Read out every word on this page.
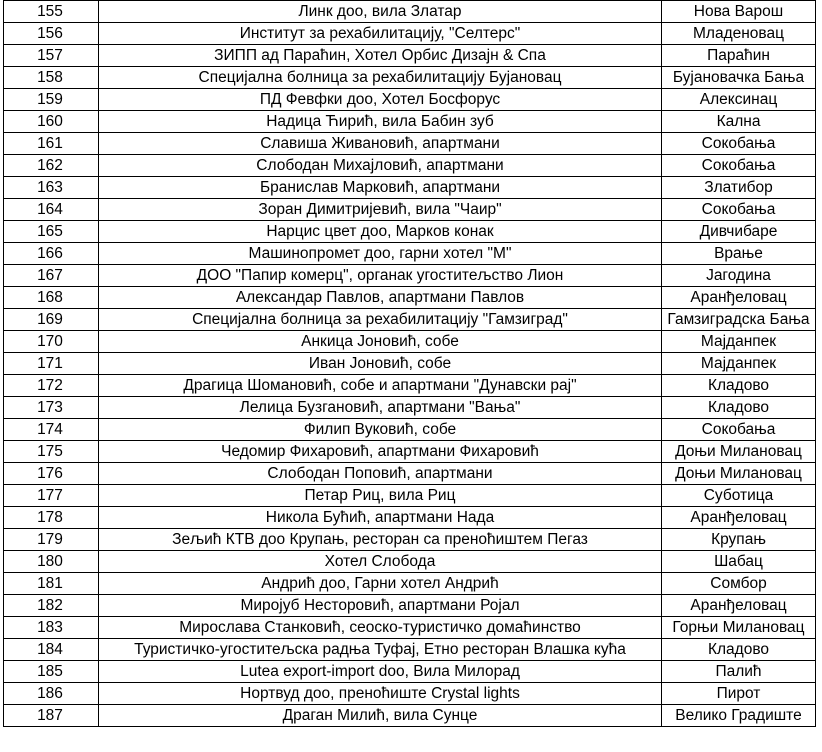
155	Линк доо, вила Златар	Нова Варош
156	Институт за рехабилитацију, "Селтерс"	Младеновац
157	ЗИПП ад Параћин, Хотел Орбис Дизајн & Спа	Параћин
158	Специјална болница за рехабилитацију Бујановац	Бујановачка Бања
159	ПД Февфки доо, Хотел Босфорус	Алексинац
160	Надица Ћирић, вила Бабин зуб	Кална
161	Славиша Живановић, апартмани	Сокобања
162	Слободан Михајловић, апартмани	Сокобања
163	Бранислав Марковић, апартмани	Златибор
164	Зоран Димитријевић, вила "Чаир"	Сокобања
165	Нарцис цвет доо, Марков конак	Дивчибаре
166	Машинопромет доо, гарни хотел "М"	Врање
167	ДОО "Папир комерц", органак угоститељство Лион	Јагодина
168	Александар Павлов, апартмани Павлов	Аранђеловац
169	Специјална болница за рехабилитацију "Гамзиград"	Гамзиградска Бања
170	Анкица Јоновић, собе	Мајданпек
171	Иван Јоновић, собе	Мајданпек
172	Драгица Шомановић, собе и апартмани "Дунавски рај"	Кладово
173	Лелица Бузгановић, апартмани "Вања"	Кладово
174	Филип Вуковић, собе	Сокобања
175	Чедомир Фихаровић, апартмани Фихаровић	Доњи Милановац
176	Слободан Поповић, апартмани	Доњи Милановац
177	Петар Риц, вила Риц	Суботица
178	Никола Бућић, апартмани Нада	Аранђеловац
179	Зељић КТВ доо Крупањ, ресторан са преноћиштем Пегаз	Крупањ
180	Хотел Слобода	Шабац
181	Андрић доо, Гарни хотел Андрић	Сомбор
182	Миројуб Несторовић, апартмани Ројал	Аранђеловац
183	Мирослава Станковић, сеоско-туристичко домаћинство	Горњи Милановац
184	Туристичко-угоститељска радња Туфај, Етно ресторан Влашка кућа	Кладово
185	Lutea export-import doo, Вила Милорад	Палић
186	Нортвуд доо, преноћиште Crystal lights	Пирот
187	Драган Милић, вила Сунце	Велико Градиште
